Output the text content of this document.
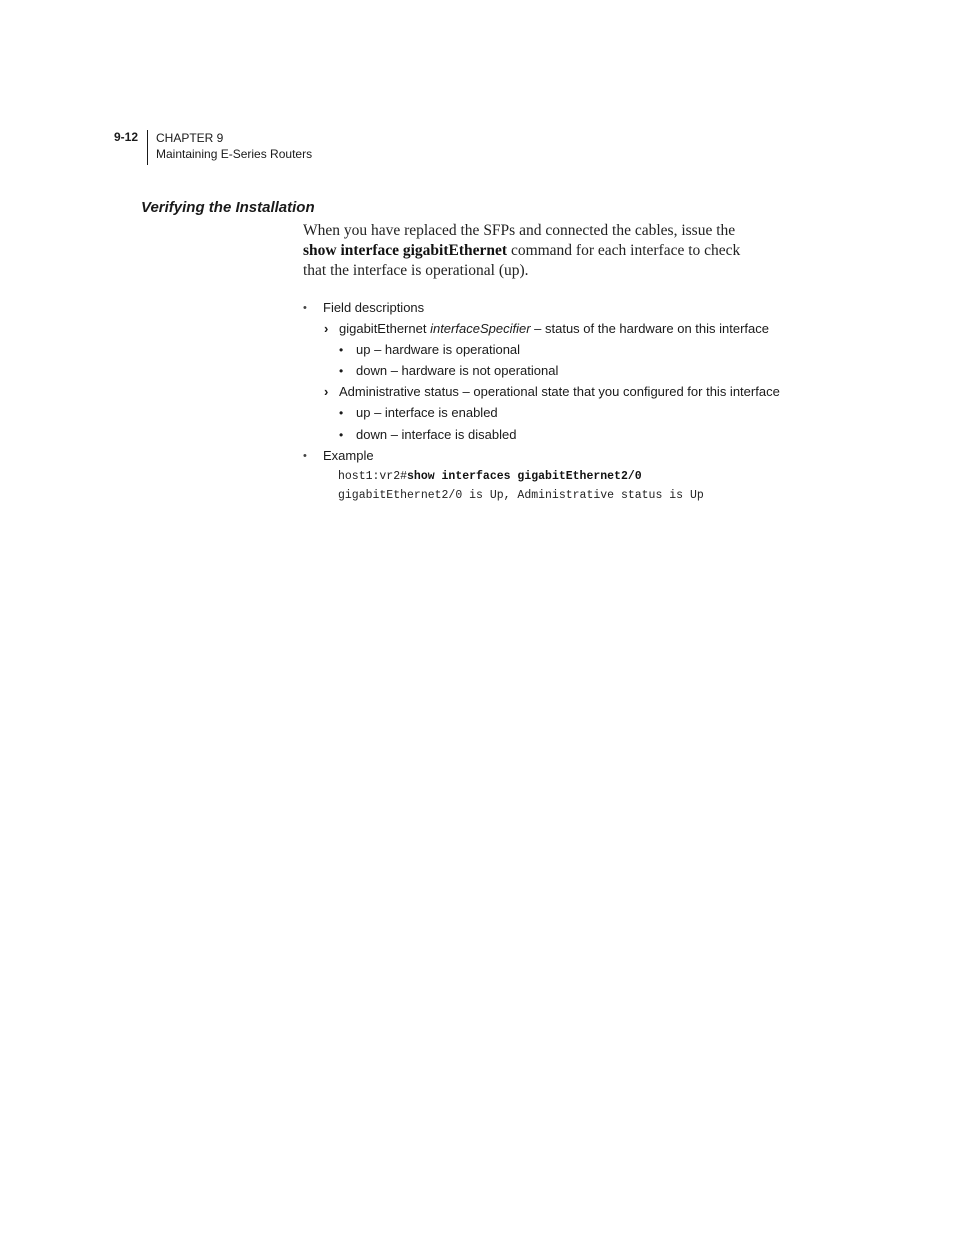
9-12 CHAPTER 9
Maintaining E-Series Routers
Verifying the Installation

When you have replaced the SFPs and connected the cables, issue the
show interface gigabitEthernet command for each interface to check
that the interface is operational (up).

• Field descriptions
› gigabitEthernet interfaceSpecifier – status of the hardware on this interface
• up – hardware is operational
• down – hardware is not operational
› Administrative status – operational state that you configured for this interface
• up – interface is enabled
• down – interface is disabled
• Example
host1:vr2#show interfaces gigabitEthernet2/0
gigabitEthernet2/0 is Up, Administrative status is Up
